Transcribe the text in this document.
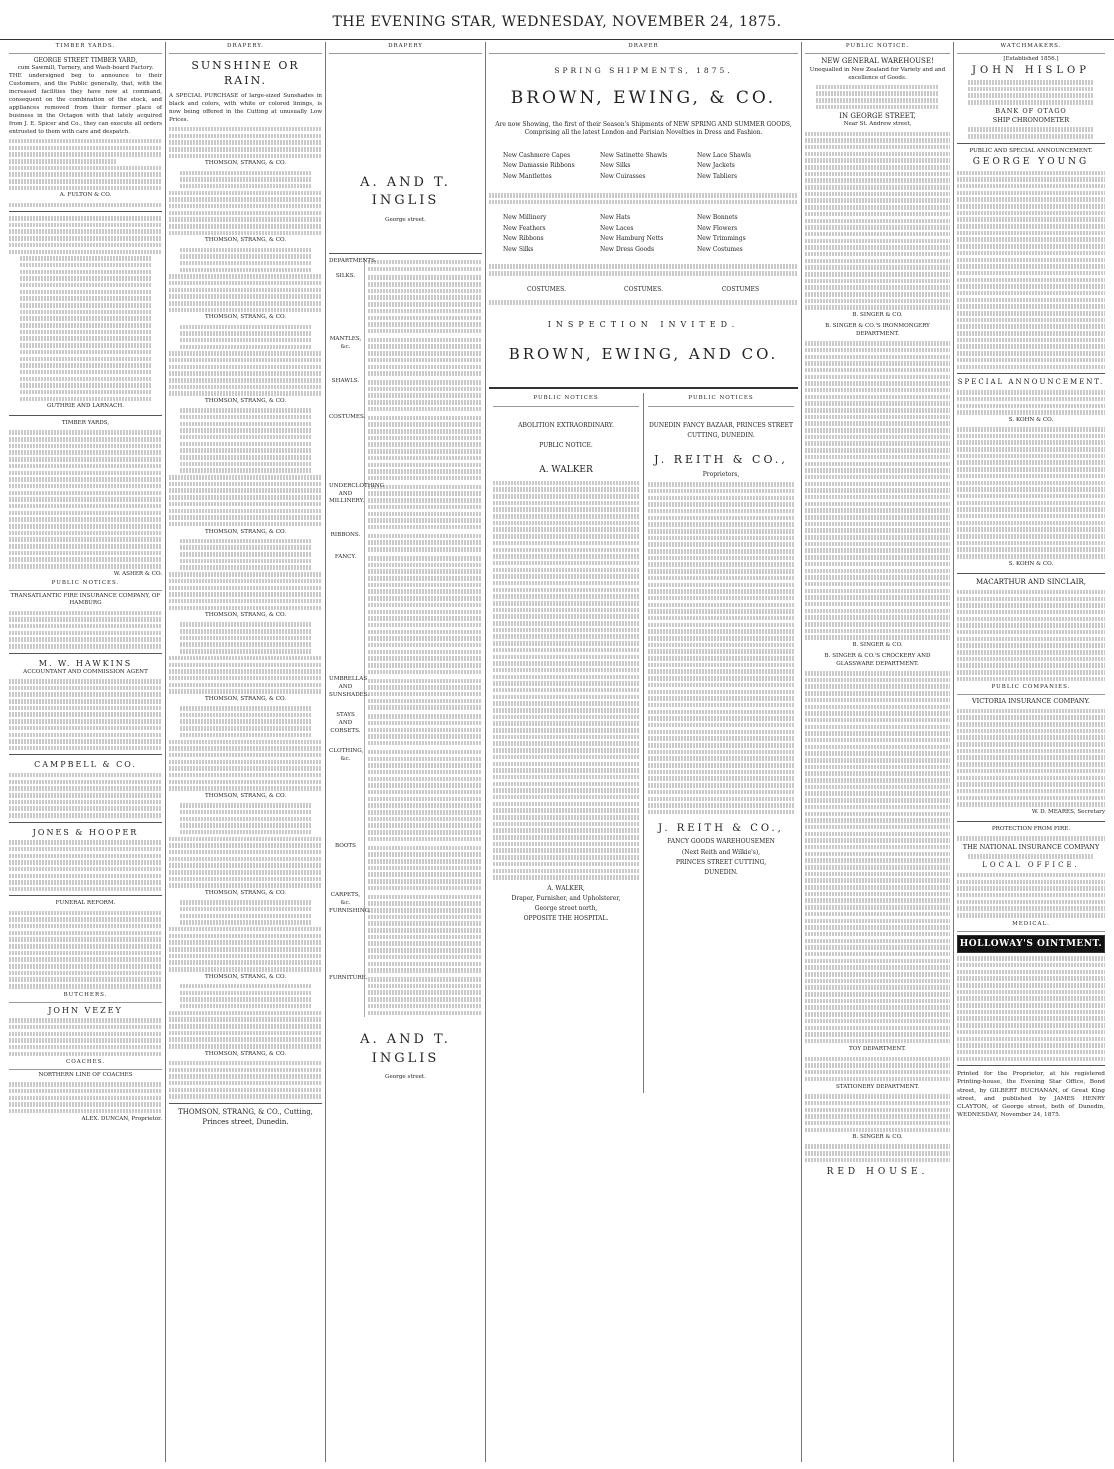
THE EVENING STAR, WEDNESDAY, NOVEMBER 24, 1875.
TIMBER YARDS.
GEORGE STREET TIMBER YARD,
cum Sawmill, Turnery, and Wash-board Factory.
THE undersigned beg to announce to their Customers, and the Public generally, that, with the increased facilities they have now at command, consequent on the combination of the stock, and appliances removed from their former place of business in the Octagon with that lately acquired from J. E. Spicer and Co., they can execute all orders entrusted to them with care and despatch.
A. FULTON & CO.
GUTHRIE AND LARNACH.
TIMBER YARDS,
W. ASHER & CO.
PUBLIC NOTICES.
TRANSATLANTIC FIRE INSURANCE COMPANY, OF HAMBURG
M. W. HAWKINS
ACCOUNTANT AND COMMISSION AGENT
CAMPBELL & CO.
JONES & HOOPER
FUNERAL REFORM.
BUTCHERS.
JOHN VEZEY
COACHES.
NORTHERN LINE OF COACHES
ALEX. DUNCAN, Proprietor.
DRAPERY.
SUNSHINE OR RAIN.
A SPECIAL PURCHASE of large-sized Sunshades in black and colors, with white or colored linings, is now being offered in the Cutting at unusually Low Prices.
THOMSON, STRANG, & CO.
THOMSON, STRANG, & CO.
THOMSON, STRANG, & CO.
THOMSON, STRANG, & CO.
THOMSON, STRANG, & CO.
THOMSON, STRANG, & CO.
THOMSON, STRANG, & CO.
THOMSON, STRANG, & CO.
THOMSON, STRANG, & CO.
THOMSON, STRANG, & CO.
THOMSON, STRANG, & CO.
THOMSON, STRANG, & CO., Cutting, Princes street, Dunedin.
DRAPERY
A. AND T. INGLIS
George street.
DEPARTMENTS.
SILKS.
MANTLES, &c.
SHAWLS.
COSTUMES.
UNDERCLOTHING AND MILLINERY.
RIBBONS.
FANCY.
UMBRELLAS AND SUNSHADES.
STAYS AND CORSETS.
CLOTHING, &c.
BOOTS
CARPETS, &c. FURNISHING.
FURNITURE.
A. AND T. INGLIS
George street.
DRAPER
SPRING SHIPMENTS, 1875.
BROWN, EWING, & CO.
Are now Showing, the first of their Season's Shipments of NEW SPRING AND SUMMER GOODS,
Comprising all the latest London and Parisian Novelties in Dress and Fashion.
New Cashmere Capes	New Satinette Shawls	New Lace Shawls
New Damassie Ribbons	New Silks	New Jackets
New Mantlettes	New Cuirasses	New Tabliers
New Millinery	New Hats	New Bonnets
New Feathers	New Laces	New Flowers
New Ribbons	New Hamburg Netts	New Trimmings
New Silks	New Dress Goods	New Costumes
COSTUMES.	COSTUMES.	COSTUMES
INSPECTION INVITED.
BROWN, EWING, AND CO.
PUBLIC NOTICES
ABOLITION EXTRAORDINARY.
PUBLIC NOTICE.
A. WALKER
A. WALKER,
Draper, Furnisher, and Upholsterer,
George street north,
OPPOSITE THE HOSPITAL.
PUBLIC NOTICES
DUNEDIN FANCY BAZAAR, PRINCES STREET CUTTING, DUNEDIN.
J. REITH & CO.,
Proprietors,
J. REITH & CO.,
FANCY GOODS WAREHOUSEMEN
(Next Reith and Wilkie's),
PRINCES STREET CUTTING,
DUNEDIN.
PUBLIC NOTICE.
NEW GENERAL WAREHOUSE!
Unequalled in New Zealand for Variety and and excellence of Goods.
IN GEORGE STREET,
Near St. Andrew street,
B. SINGER & CO.
B. SINGER & CO.'S IRONMONGERY DEPARTMENT.
B. SINGER & CO.
B. SINGER & CO.'S CROCKERY AND GLASSWARE DEPARTMENT.
TOY DEPARTMENT.
STATIONERY DEPARTMENT.
B. SINGER & CO.
RED HOUSE.
WATCHMAKERS.
[Established 1856.]
JOHN HISLOP
BANK OF OTAGO
SHIP CHRONOMETER
PUBLIC AND SPECIAL ANNOUNCEMENT.
GEORGE YOUNG
SPECIAL ANNOUNCEMENT.
S. KOHN & CO.
S. KOHN & CO.
MACARTHUR AND SINCLAIR,
PUBLIC COMPANIES.
VICTORIA INSURANCE COMPANY.
W. D. MEARES, Secretary
PROTECTION FROM FIRE.
THE NATIONAL INSURANCE COMPANY
LOCAL OFFICE.
MEDICAL.
HOLLOWAY'S OINTMENT.
Printed for the Proprietor, at his registered Printing-house, the Evening Star Office, Bond street, by GILBERT BUCHANAN, of Great King street, and published by JAMES HENRY CLAYTON, of George street, both of Dunedin, WEDNESDAY, November 24, 1875.
